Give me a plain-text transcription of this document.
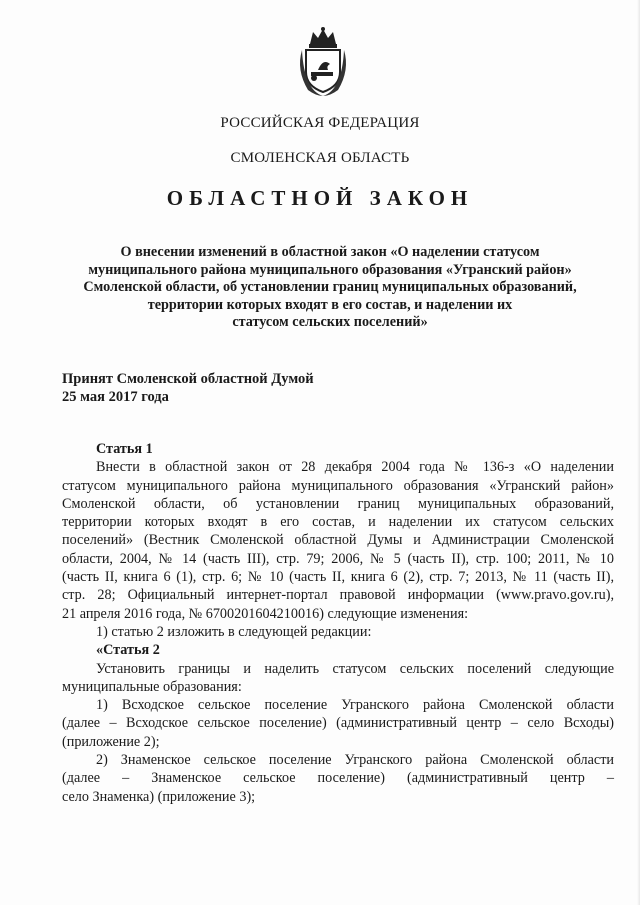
РОССИЙСКАЯ ФЕДЕРАЦИЯ
СМОЛЕНСКАЯ ОБЛАСТЬ
ОБЛАСТНОЙ ЗАКОН
О внесении изменений в областной закон «О наделении статусом
муниципального района муниципального образования «Угранский район»
Смоленской области, об установлении границ муниципальных образований,
территории которых входят в его состав, и наделении их
статусом сельских поселений»
Принят Смоленской областной Думой
25 мая 2017 года
Статья 1
Внести в областной закон от 28 декабря 2004 года № 136-з «О наделении
статусом муниципального района муниципального образования «Угранский район»
Смоленской области, об установлении границ муниципальных образований,
территории которых входят в его состав, и наделении их статусом сельских
поселений» (Вестник Смоленской областной Думы и Администрации Смоленской
области, 2004, № 14 (часть III), стр. 79; 2006, № 5 (часть II), стр. 100; 2011, № 10
(часть II, книга 6 (1), стр. 6; № 10 (часть II, книга 6 (2), стр. 7; 2013, № 11 (часть II),
стр. 28; Официальный интернет-портал правовой информации (www.pravo.gov.ru),
21 апреля 2016 года, № 6700201604210016) следующие изменения:
1) статью 2 изложить в следующей редакции:
«Статья 2
Установить границы и наделить статусом сельских поселений следующие
муниципальные образования:
1) Всходское сельское поселение Угранского района Смоленской области
(далее – Всходское сельское поселение) (административный центр – село Всходы)
(приложение 2);
2) Знаменское сельское поселение Угранского района Смоленской области
(далее – Знаменское сельское поселение) (административный центр –
село Знаменка) (приложение 3);
